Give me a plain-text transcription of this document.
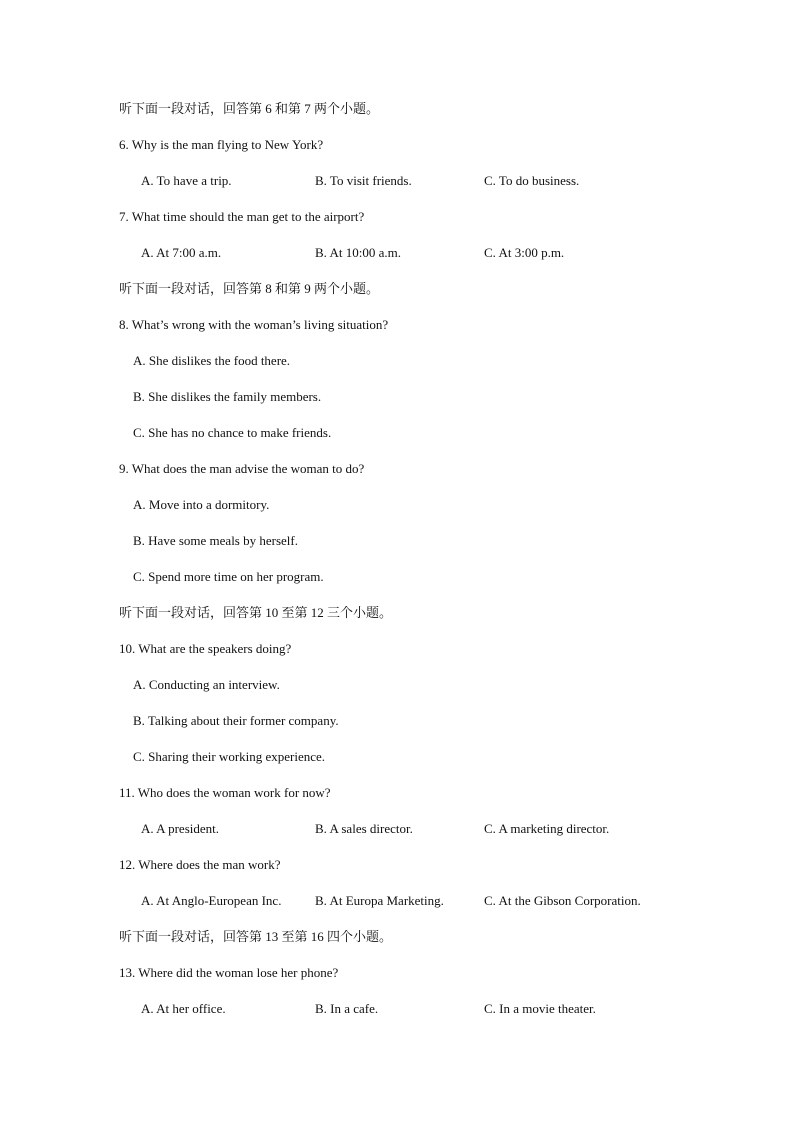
听下面一段对话，回答第 6 和第 7 两个小题。
6. Why is the man flying to New York?
A. To have a trip.	B. To visit friends.	C. To do business.
7. What time should the man get to the airport?
A. At 7:00 a.m.	B. At 10:00 a.m.	C. At 3:00 p.m.
听下面一段对话，回答第 8 和第 9 两个小题。
8. What’s wrong with the woman’s living situation?
A. She dislikes the food there.
B. She dislikes the family members.
C. She has no chance to make friends.
9. What does the man advise the woman to do?
A. Move into a dormitory.
B. Have some meals by herself.
C. Spend more time on her program.
听下面一段对话，回答第 10 至第 12 三个小题。
10. What are the speakers doing?
A. Conducting an interview.
B. Talking about their former company.
C. Sharing their working experience.
11. Who does the woman work for now?
A. A president.	B. A sales director.	C. A marketing director.
12. Where does the man work?
A. At Anglo-European Inc.	B. At Europa Marketing.	C. At the Gibson Corporation.
听下面一段对话，回答第 13 至第 16 四个小题。
13. Where did the woman lose her phone?
A. At her office.	B. In a cafe.	C. In a movie theater.
